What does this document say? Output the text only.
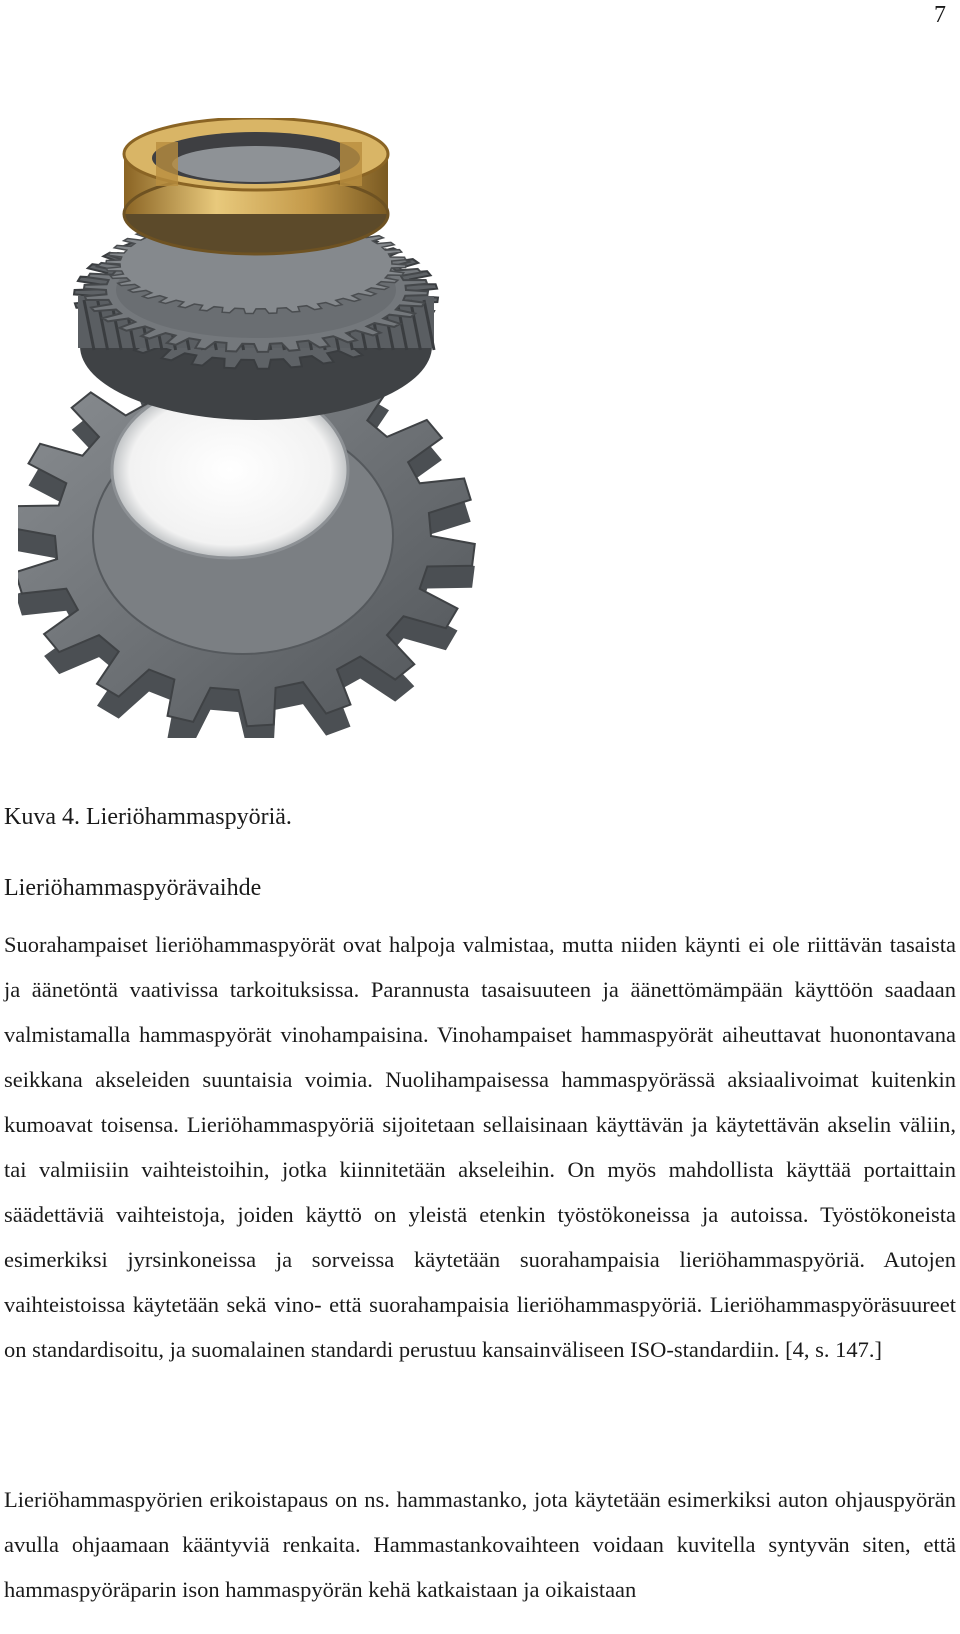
7
Kuva 4. Lieriöhammaspyöriä.
Lieriöhammaspyörävaihde

Suorahampaiset lieriöhammaspyörät ovat halpoja valmistaa, mutta niiden käynti ei ole riittävän tasaista ja äänetöntä vaativissa tarkoituksissa. Parannusta tasaisuuteen ja äänettömämpään käyttöön saadaan valmistamalla hammaspyörät vinohampaisina. Vinohampaiset hammaspyörät aiheuttavat huonontavana seikkana akseleiden suuntaisia voimia. Nuolihampaisessa hammaspyörässä aksiaalivoimat kuitenkin kumoavat toisensa. Lieriöhammaspyöriä sijoitetaan sellaisinaan käyttävän ja käytettävän akselin väliin, tai valmiisiin vaihteistoihin, jotka kiinnitetään akseleihin. On myös mahdollista käyttää portaittain säädettäviä vaihteistoja, joiden käyttö on yleistä etenkin työstökoneissa ja autoissa. Työstökoneista esimerkiksi jyrsinkoneissa ja sorveissa käytetään suorahampaisia lieriöhammaspyöriä. Autojen vaihteistoissa käytetään sekä vino- että suorahampaisia lieriöhammaspyöriä. Lieriöhammaspyöräsuureet on standardisoitu, ja suomalainen standardi perustuu kansainväliseen ISO-standardiin. [4, s. 147.]

Lieriöhammaspyörien erikoistapaus on ns. hammastanko, jota käytetään esimerkiksi auton ohjauspyörän avulla ohjaamaan kääntyviä renkaita. Hammastankovaihteen voidaan kuvitella syntyvän siten, että hammaspyöräparin ison hammaspyörän kehä katkaistaan ja oikaistaan
